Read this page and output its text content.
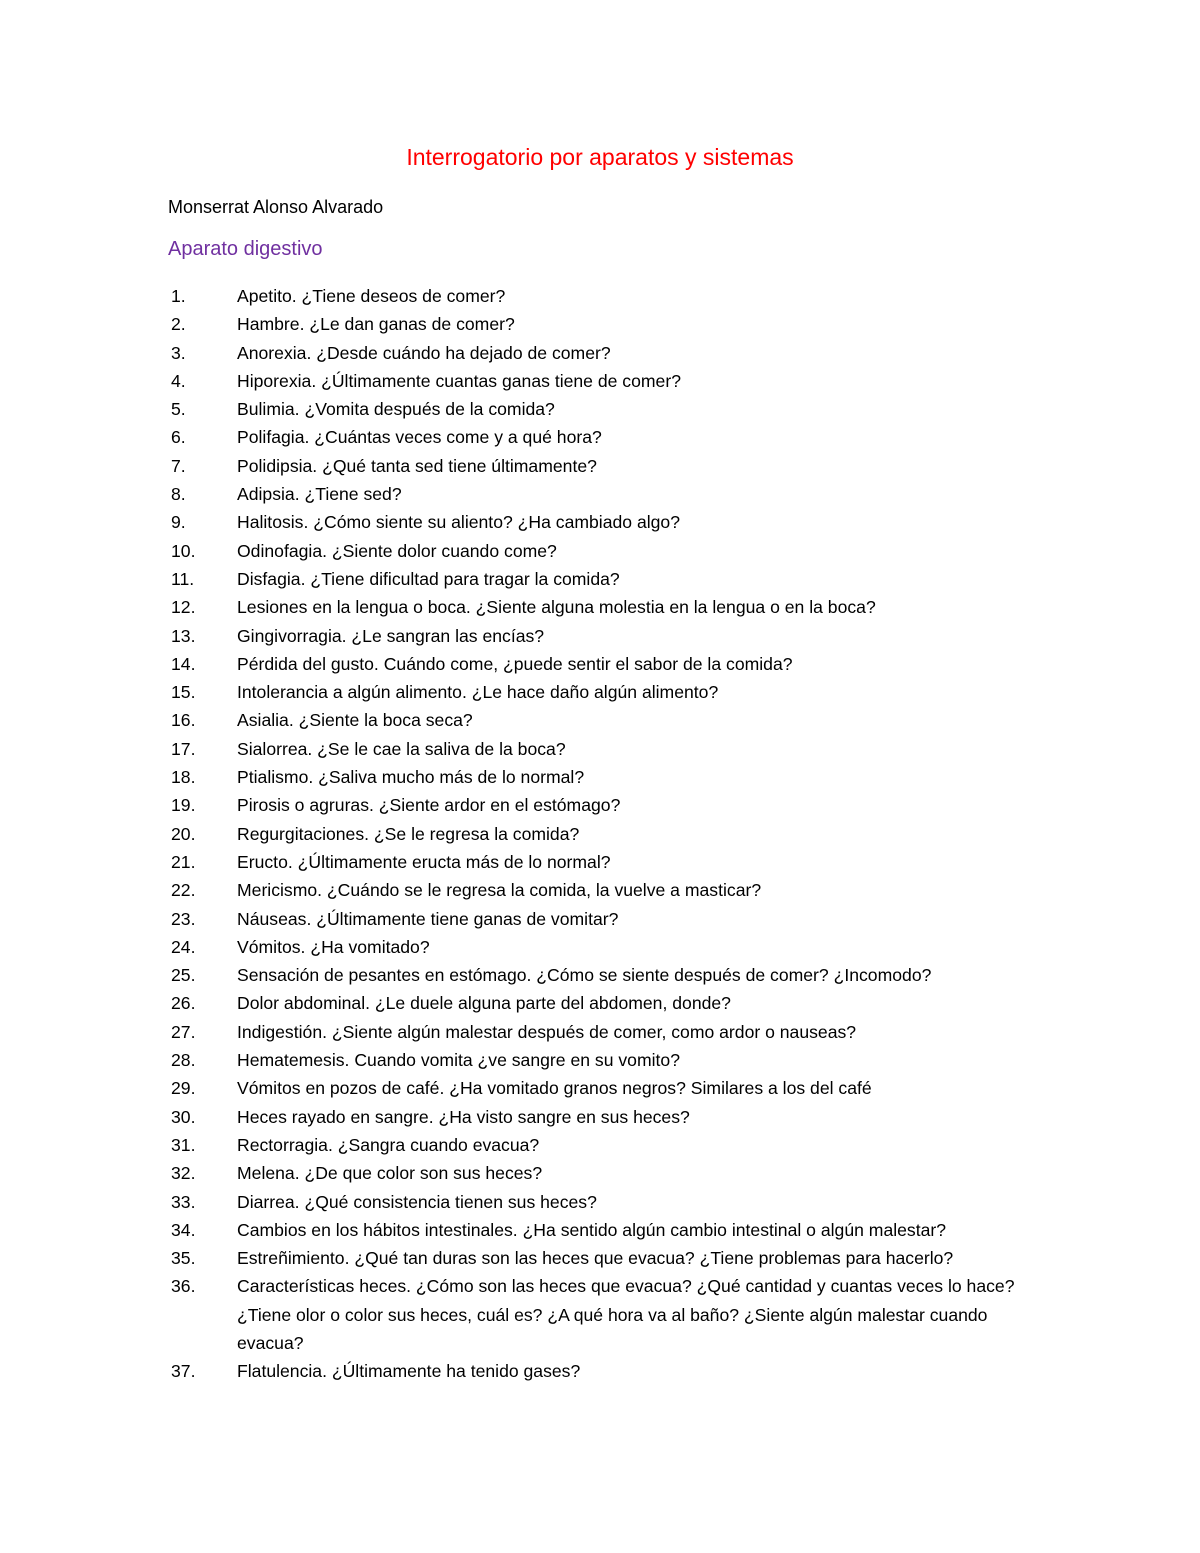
Interrogatorio por aparatos y sistemas
Monserrat Alonso Alvarado
Aparato digestivo
1.	Apetito. ¿Tiene deseos de comer?
2.	Hambre. ¿Le dan ganas de comer?
3.	Anorexia. ¿Desde cuándo ha dejado de comer?
4.	Hiporexia. ¿Últimamente cuantas ganas tiene de comer?
5.	Bulimia. ¿Vomita después de la comida?
6.	Polifagia. ¿Cuántas veces come y a qué hora?
7.	Polidipsia. ¿Qué tanta sed tiene últimamente?
8.	Adipsia. ¿Tiene sed?
9.	Halitosis. ¿Cómo siente su aliento? ¿Ha cambiado algo?
10. Odinofagia. ¿Siente dolor cuando come?
11. Disfagia. ¿Tiene dificultad para tragar la comida?
12. Lesiones en la lengua o boca. ¿Siente alguna molestia en la lengua o en la boca?
13. Gingivorragia. ¿Le sangran las encías?
14. Pérdida del gusto. Cuándo come, ¿puede sentir el sabor de la comida?
15. Intolerancia a algún alimento. ¿Le hace daño algún alimento?
16. Asialia. ¿Siente la boca seca?
17. Sialorrea. ¿Se le cae la saliva de la boca?
18. Ptialismo. ¿Saliva mucho más de lo normal?
19. Pirosis o agruras. ¿Siente ardor en el estómago?
20. Regurgitaciones. ¿Se le regresa la comida?
21. Eructo. ¿Últimamente eructa más de lo normal?
22. Mericismo. ¿Cuándo se le regresa la comida, la vuelve a masticar?
23. Náuseas. ¿Últimamente tiene ganas de vomitar?
24. Vómitos. ¿Ha vomitado?
25. Sensación de pesantes en estómago. ¿Cómo se siente después de comer? ¿Incomodo?
26. Dolor abdominal. ¿Le duele alguna parte del abdomen, donde?
27. Indigestión. ¿Siente algún malestar después de comer, como ardor o nauseas?
28. Hematemesis. Cuando vomita ¿ve sangre en su vomito?
29. Vómitos en pozos de café. ¿Ha vomitado granos negros? Similares a los del café
30. Heces rayado en sangre. ¿Ha visto sangre en sus heces?
31. Rectorragia. ¿Sangra cuando evacua?
32. Melena. ¿De que color son sus heces?
33. Diarrea. ¿Qué consistencia tienen sus heces?
34. Cambios en los hábitos intestinales. ¿Ha sentido algún cambio intestinal o algún malestar?
35. Estreñimiento. ¿Qué tan duras son las heces que evacua? ¿Tiene problemas para hacerlo?
36. Características heces. ¿Cómo son las heces que evacua? ¿Qué cantidad y cuantas veces lo hace? ¿Tiene olor o color sus heces, cuál es? ¿A qué hora va al baño? ¿Siente algún malestar cuando evacua?
37. Flatulencia. ¿Últimamente ha tenido gases?
